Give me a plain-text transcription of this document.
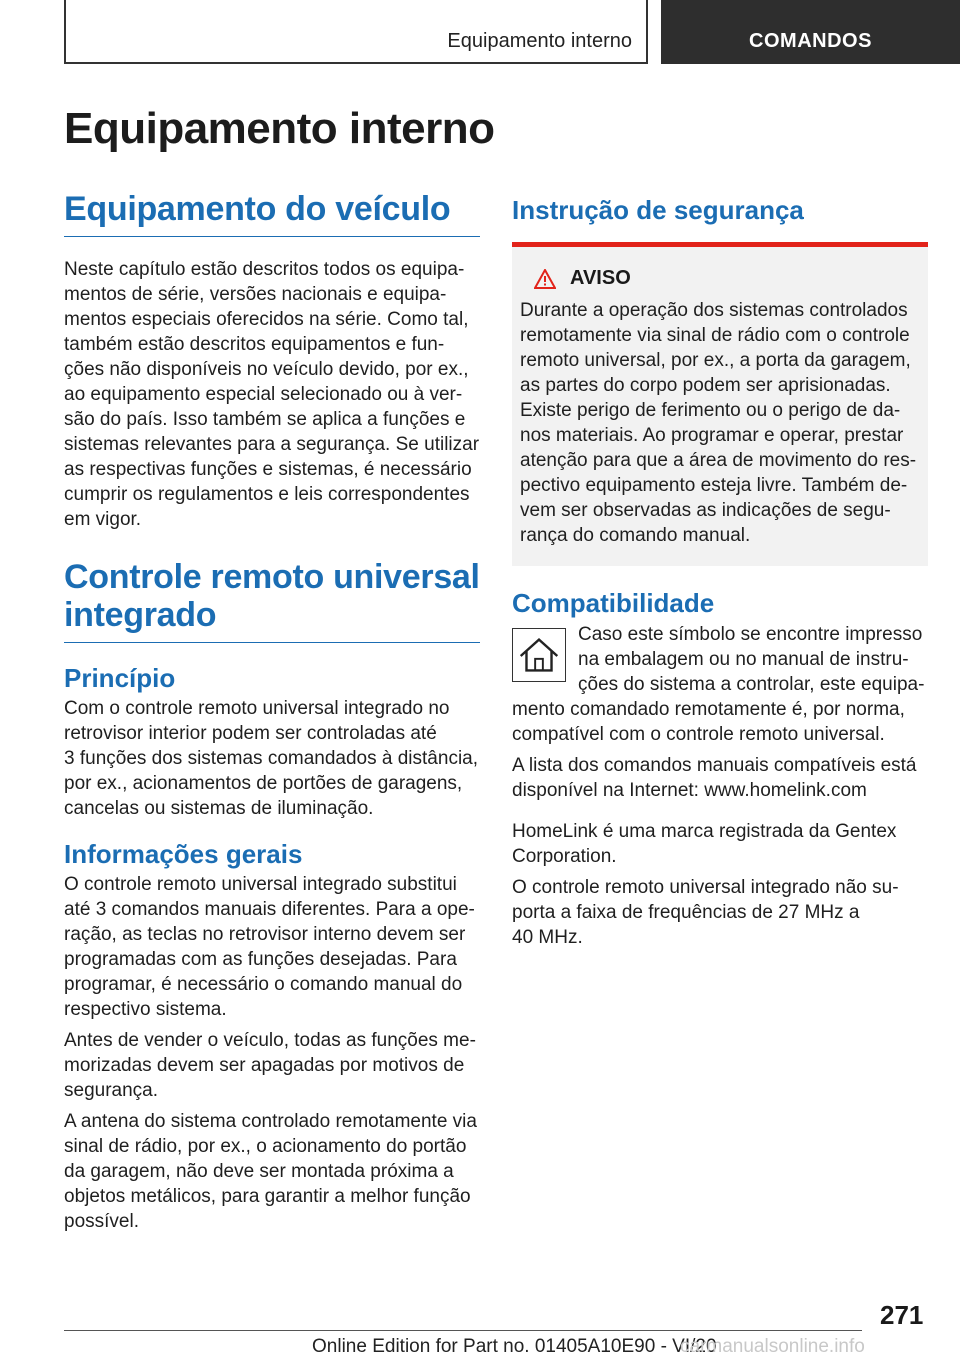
Equipamento interno	COMANDOS
Equipamento interno
Equipamento do veículo

Neste capítulo estão descritos todos os equipa-
mentos de série, versões nacionais e equipa-
mentos especiais oferecidos na série. Como tal,
também estão descritos equipamentos e fun-
ções não disponíveis no veículo devido, por ex.,
ao equipamento especial selecionado ou à ver-
são do país. Isso também se aplica a funções e
sistemas relevantes para a segurança. Se utilizar
as respectivas funções e sistemas, é necessário
cumprir os regulamentos e leis correspondentes
em vigor.

Controle remoto universal
integrado
Princípio

Com o controle remoto universal integrado no
retrovisor interior podem ser controladas até
3 funções dos sistemas comandados à distância,
por ex., acionamentos de portões de garagens,
cancelas ou sistemas de iluminação.

Informações gerais

O controle remoto universal integrado substitui
até 3 comandos manuais diferentes. Para a ope-
ração, as teclas no retrovisor interno devem ser
programadas com as funções desejadas. Para
programar, é necessário o comando manual do
respectivo sistema.

Antes de vender o veículo, todas as funções me-
morizadas devem ser apagadas por motivos de
segurança.

A antena do sistema controlado remotamente via
sinal de rádio, por ex., o acionamento do portão
da garagem, não deve ser montada próxima a
objetos metálicos, para garantir a melhor função
possível.

Instrução de segurança
AVISO

Durante a operação dos sistemas controlados
remotamente via sinal de rádio com o controle
remoto universal, por ex., a porta da garagem,
as partes do corpo podem ser aprisionadas.
Existe perigo de ferimento ou o perigo de da-
nos materiais. Ao programar e operar, prestar
atenção para que a área de movimento do res-
pectivo equipamento esteja livre. Também de-
vem ser observadas as indicações de segu-
rança do comando manual.

Compatibilidade

Caso este símbolo se encontre impresso
na embalagem ou no manual de instru-
ções do sistema a controlar, este equipa-

mento comandado remotamente é, por norma,
compatível com o controle remoto universal.

A lista dos comandos manuais compatíveis está
disponível na Internet: www.homelink.com

HomeLink é uma marca registrada da Gentex
Corporation.

O controle remoto universal integrado não su-
porta a faixa de frequências de 27 MHz a
40 MHz.

271
Online Edition for Part no. 01405A10E90 - VI/20
carmanualsonline.info
